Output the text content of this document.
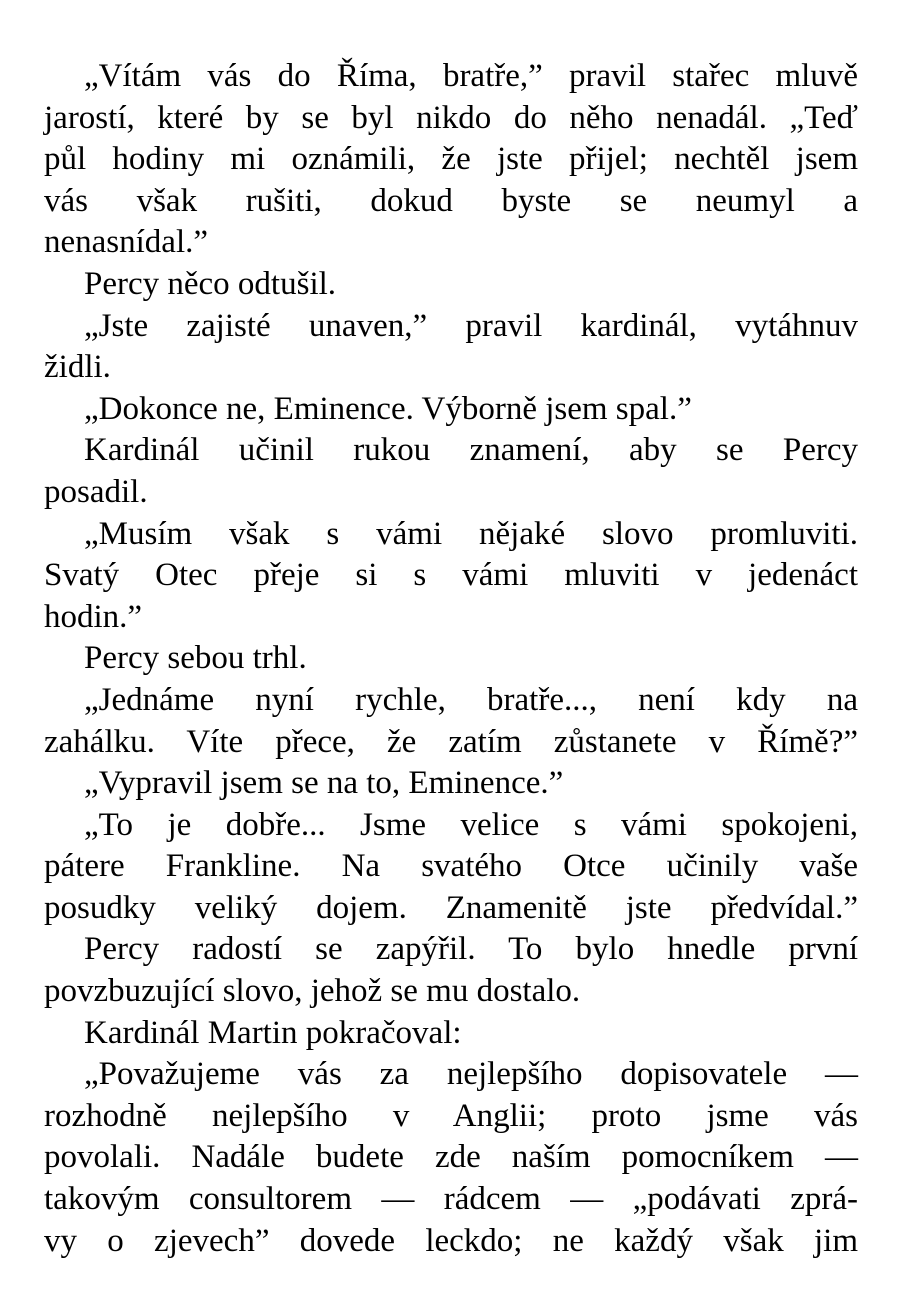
„Vítám vás do Říma, bratře,” pravil stařec mluvě
jarostí, které by se byl nikdo do něho nenadál. „Teď
půl hodiny mi oznámili, že jste přijel; nechtěl jsem
vás však rušiti, dokud byste se neumyl a
nenasnídal.”
Percy něco odtušil.
„Jste zajisté unaven,” pravil kardinál, vytáhnuv
židli.
„Dokonce ne, Eminence. Výborně jsem spal.”
Kardinál učinil rukou znamení, aby se Percy
posadil.
„Musím však s vámi nějaké slovo promluviti.
Svatý Otec přeje si s vámi mluviti v jedenáct
hodin.”
Percy sebou trhl.
„Jednáme nyní rychle, bratře..., není kdy na
zahálku. Víte přece, že zatím zůstanete v Římě?”
„Vypravil jsem se na to, Eminence.”
„To je dobře... Jsme velice s vámi spokojeni,
pátere Frankline. Na svatého Otce učinily vaše
posudky veliký dojem. Znamenitě jste předvídal.”
Percy radostí se zapýřil. To bylo hnedle první
povzbuzující slovo, jehož se mu dostalo.
Kardinál Martin pokračoval:
„Považujeme vás za nejlepšího dopisovatele —
rozhodně nejlepšího v Anglii; proto jsme vás
povolali. Nadále budete zde naším pomocníkem —
takovým consultorem — rádcem — „podávati zprá-
vy o zjevech” dovede leckdo; ne každý však jim
